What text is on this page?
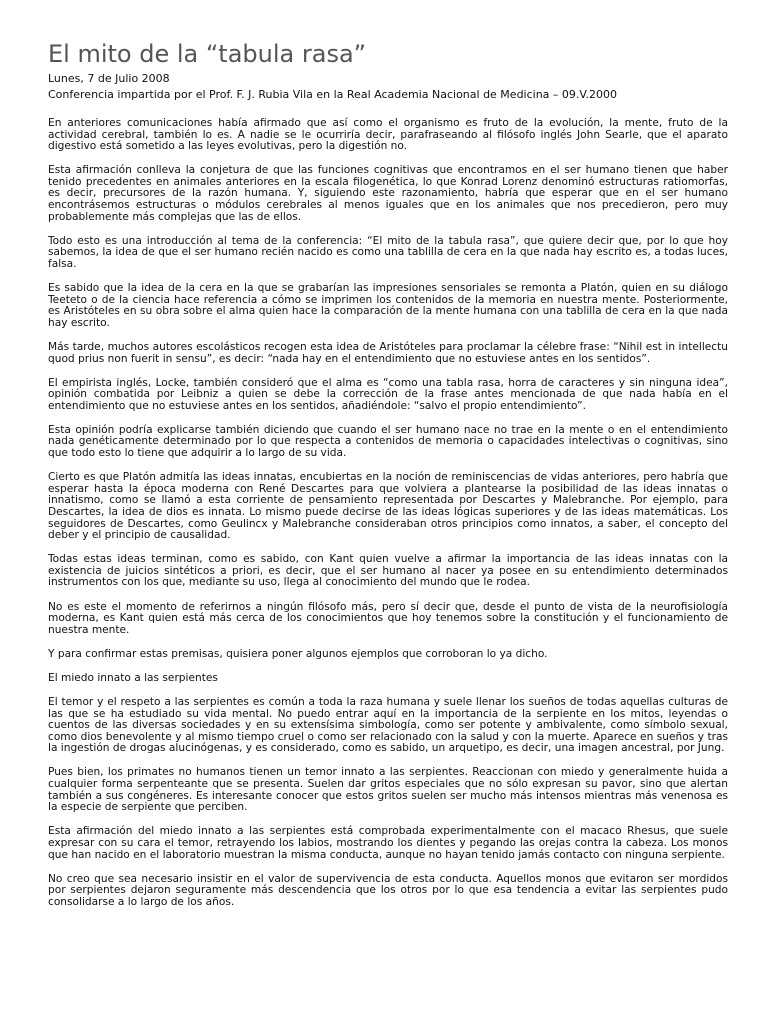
El mito de la “tabula rasa”

Lunes, 7 de Julio 2008

Conferencia impartida por el Prof. F. J. Rubia Vila en la Real Academia Nacional de Medicina – 09.V.2000

En anteriores comunicaciones había afirmado que así como el organismo es fruto de la evolución, la mente, fruto de la actividad cerebral, también lo es. A nadie se le ocurriría decir, parafraseando al filósofo inglés John Searle, que el aparato digestivo está sometido a las leyes evolutivas, pero la digestión no.

Esta afirmación conlleva la conjetura de que las funciones cognitivas que encontramos en el ser humano tienen que haber tenido precedentes en animales anteriores en la escala filogenética, lo que Konrad Lorenz denominó estructuras ratiomorfas, es decir, precursores de la razón humana. Y, siguiendo este razonamiento, habría que esperar que en el ser humano encontrásemos estructuras o módulos cerebrales al menos iguales que en los animales que nos precedieron, pero muy probablemente más complejas que las de ellos.

Todo esto es una introducción al tema de la conferencia: “El mito de la tabula rasa”, que quiere decir que, por lo que hoy sabemos, la idea de que el ser humano recién nacido es como una tablilla de cera en la que nada hay escrito es, a todas luces, falsa.

Es sabido que la idea de la cera en la que se grabarían las impresiones sensoriales se remonta a Platón, quien en su diálogo Teeteto o de la ciencia hace referencia a cómo se imprimen los contenidos de la memoria en nuestra mente. Posteriormente, es Aristóteles en su obra sobre el alma quien hace la comparación de la mente humana con una tablilla de cera en la que nada hay escrito.

Más tarde, muchos autores escolásticos recogen esta idea de Aristóteles para proclamar la célebre frase: “Nihil est in intellectu quod prius non fuerit in sensu”, es decir: “nada hay en el entendimiento que no estuviese antes en los sentidos”.

El empirista inglés, Locke, también consideró que el alma es “como una tabla rasa, horra de caracteres y sin ninguna idea”, opinión combatida por Leibniz a quien se debe la corrección de la frase antes mencionada de que nada había en el entendimiento que no estuviese antes en los sentidos, añadiéndole: “salvo el propio entendimiento”.

Esta opinión podría explicarse también diciendo que cuando el ser humano nace no trae en la mente o en el entendimiento nada genéticamente determinado por lo que respecta a contenidos de memoria o capacidades intelectivas o cognitivas, sino que todo esto lo tiene que adquirir a lo largo de su vida.

Cierto es que Platón admitía las ideas innatas, encubiertas en la noción de reminiscencias de vidas anteriores, pero habría que esperar hasta la época moderna con René Descartes para que volviera a plantearse la posibilidad de las ideas innatas o innatismo, como se llamó a esta corriente de pensamiento representada por Descartes y Malebranche. Por ejemplo, para Descartes, la idea de dios es innata. Lo mismo puede decirse de las ideas lógicas superiores y de las ideas matemáticas. Los seguidores de Descartes, como Geulincx y Malebranche consideraban otros principios como innatos, a saber, el concepto del deber y el principio de causalidad.

Todas estas ideas terminan, como es sabido, con Kant quien vuelve a afirmar la importancia de las ideas innatas con la existencia de juicios sintéticos a priori, es decir, que el ser humano al nacer ya posee en su entendimiento determinados instrumentos con los que, mediante su uso, llega al conocimiento del mundo que le rodea.

No es este el momento de referirnos a ningún filósofo más, pero sí decir que, desde el punto de vista de la neurofisiología moderna, es Kant quien está más cerca de los conocimientos que hoy tenemos sobre la constitución y el funcionamiento de nuestra mente.

Y para confirmar estas premisas, quisiera poner algunos ejemplos que corroboran lo ya dicho.

El miedo innato a las serpientes

El temor y el respeto a las serpientes es común a toda la raza humana y suele llenar los sueños de todas aquellas culturas de las que se ha estudiado su vida mental. No puedo entrar aquí en la importancia de la serpiente en los mitos, leyendas o cuentos de las diversas sociedades y en su extensísima simbología, como ser potente y ambivalente, como símbolo sexual, como dios benevolente y al mismo tiempo cruel o como ser relacionado con la salud y con la muerte. Aparece en sueños y tras la ingestión de drogas alucinógenas, y es considerado, como es sabido, un arquetipo, es decir, una imagen ancestral, por Jung.

Pues bien, los primates no humanos tienen un temor innato a las serpientes. Reaccionan con miedo y generalmente huida a cualquier forma serpenteante que se presenta. Suelen dar gritos especiales que no sólo expresan su pavor, sino que alertan también a sus congéneres. Es interesante conocer que estos gritos suelen ser mucho más intensos mientras más venenosa es la especie de serpiente que perciben.

Esta afirmación del miedo innato a las serpientes está comprobada experimentalmente con el macaco Rhesus, que suele expresar con su cara el temor, retrayendo los labios, mostrando los dientes y pegando las orejas contra la cabeza. Los monos que han nacido en el laboratorio muestran la misma conducta, aunque no hayan tenido jamás contacto con ninguna serpiente.

No creo que sea necesario insistir en el valor de supervivencia de esta conducta. Aquellos monos que evitaron ser mordidos por serpientes dejaron seguramente más descendencia que los otros por lo que esa tendencia a evitar las serpientes pudo consolidarse a lo largo de los años.
